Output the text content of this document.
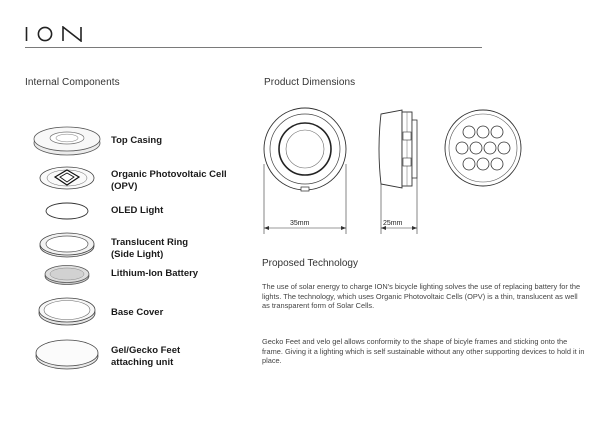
Internal Components	Product Dimensions
Top Casing
Organic Photovoltaic Cell
(OPV)
OLED Light
Translucent Ring
(Side Light)
Lithium-Ion Battery
Base Cover
Gel/Gecko Feet
attaching unit
35mm	25mm
Proposed Technology
The use of solar energy to charge ION's bicycle lighting solves the use of replacing battery for the lights. The technology, which uses Organic Photovoltaic Cells (OPV) is a thin, translucent as well as transparent form of Solar Cells.
Gecko Feet and velo gel allows conformity to the shape of bicyle frames and sticking onto the frame. Giving it a lighting which is self sustainable without any other supporting devices to hold it in place.
